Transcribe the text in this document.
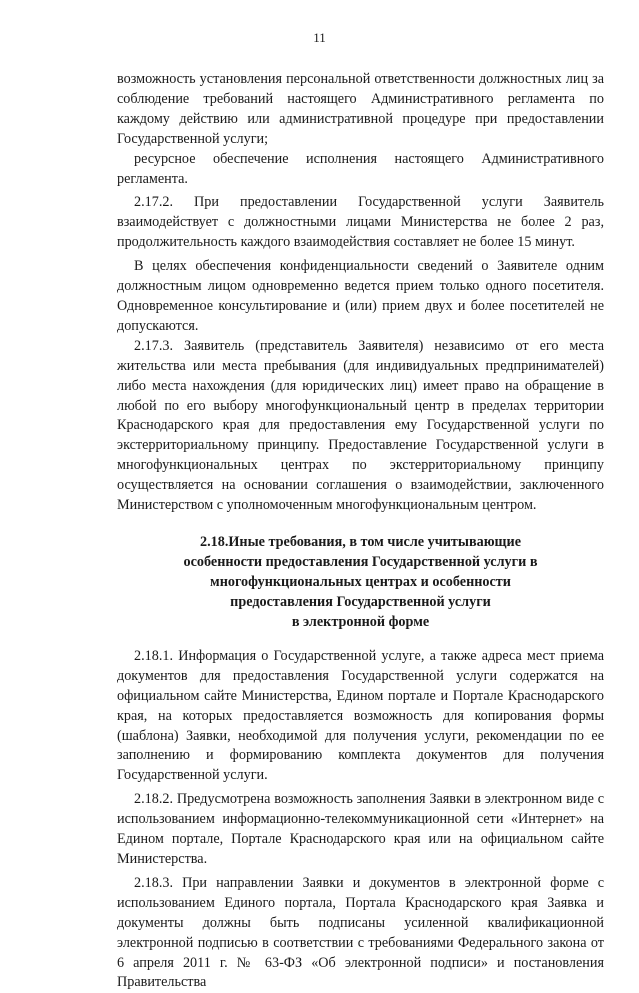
11

возможность установления персональной ответственности должностных лиц за соблюдение требований настоящего Административного регламента по каждому действию или административной процедуре при предоставлении Государственной услуги;

ресурсное обеспечение исполнения настоящего Административного регламента.

2.17.2. При предоставлении Государственной услуги Заявитель взаимодействует с должностными лицами Министерства не более 2 раз, продолжительность каждого взаимодействия составляет не более 15 минут.

В целях обеспечения конфиденциальности сведений о Заявителе одним должностным лицом одновременно ведется прием только одного посетителя. Одновременное консультирование и (или) прием двух и более посетителей не допускаются.

2.17.3. Заявитель (представитель Заявителя) независимо от его места жительства или места пребывания (для индивидуальных предпринимателей) либо места нахождения (для юридических лиц) имеет право на обращение в любой по его выбору многофункциональный центр в пределах территории Краснодарского края для предоставления ему Государственной услуги по экстерриториальному принципу. Предоставление Государственной услуги в многофункциональных центрах по экстерриториальному принципу осуществляется на основании соглашения о взаимодействии, заключенного Министерством с уполномоченным многофункциональным центром.

2.18.Иные требования, в том числе учитывающие
особенности предоставления Государственной услуги в
многофункциональных центрах и особенности
предоставления Государственной услуги
в электронной форме

2.18.1. Информация о Государственной услуге, а также адреса мест приема документов для предоставления Государственной услуги содержатся на официальном сайте Министерства, Едином портале и Портале Краснодарского края, на которых предоставляется возможность для копирования формы (шаблона) Заявки, необходимой для получения услуги, рекомендации по ее заполнению и формированию комплекта документов для получения Государственной услуги.

2.18.2. Предусмотрена возможность заполнения Заявки в электронном виде с использованием информационно-телекоммуникационной сети «Интернет» на Едином портале, Портале Краснодарского края или на официальном сайте Министерства.

2.18.3. При направлении Заявки и документов в электронной форме с использованием Единого портала, Портала Краснодарского края Заявка и документы должны быть подписаны усиленной квалификационной электронной подписью в соответствии с требованиями Федерального закона от 6 апреля 2011 г. № 63-ФЗ «Об электронной подписи» и постановления Правительства
